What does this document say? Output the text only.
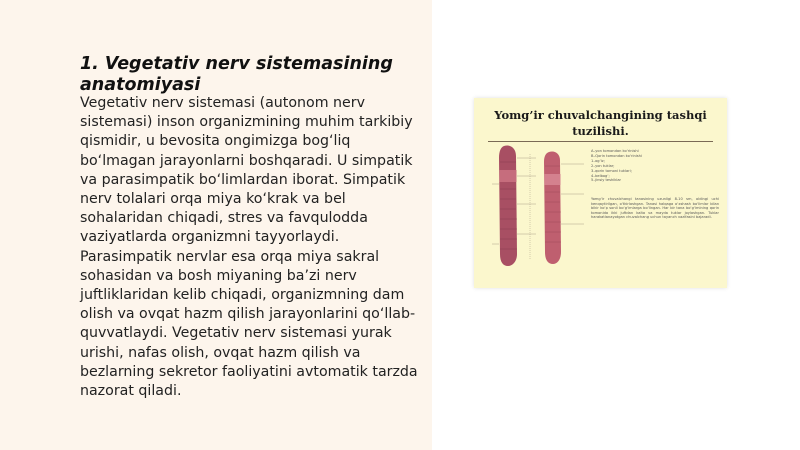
1. Vegetativ nerv sistemasining anatomiyasi

Vegetativ nerv sistemasi (autonom nerv sistemasi) inson organizmining muhim tarkibiy qismidir, u bevosita ongimizga bog‘liq bo‘lmagan jarayonlarni boshqaradi. U simpatik va parasimpatik bo‘limlardan iborat. Simpatik nerv tolalari orqa miya ko‘krak va bel sohalaridan chiqadi, stres va favqulodda vaziyatlarda organizmni tayyorlaydi. Parasimpatik nervlar esa orqa miya sakral sohasidan va bosh miyaning ba’zi nerv juftliklaridan kelib chiqadi, organizmning dam olish va ovqat hazm qilish jarayonlarini qo‘llab-quvvatlaydi. Vegetativ nerv sistemasi yurak urishi, nafas olish, ovqat hazm qilish va bezlarning sekretor faoliyatini avtomatik tarzda nazorat qiladi.

Yomg’ir chuvalchangining tashqi tuzilishi.
A–yon tomondan ko‘rinishi
B–Qorin tomondan ko‘rinishi
1–og‘iz;
2–yon tuklar;
3–qorin tomoni tuklari;
4–belbog‘;
5–jinsiy teshiklar

Yomg‘ir chuvalchangi tanasining uzunligi 8-10 sm, oldingi uchi kenqaytirilgan, o‘tkirlashgan. Tanasi halqaga o‘xshash bo‘limlar bilan bikir ko‘p sonli bo‘g‘imlarga bo‘lingan. Har bir tana bo‘g‘imining qorin tomonida ikki juftdan kalta va mayda tuklar joylashgan. Tuklar harakatlanayotgan chuvalchang uchun tayanch vazifasini bajaradi.
